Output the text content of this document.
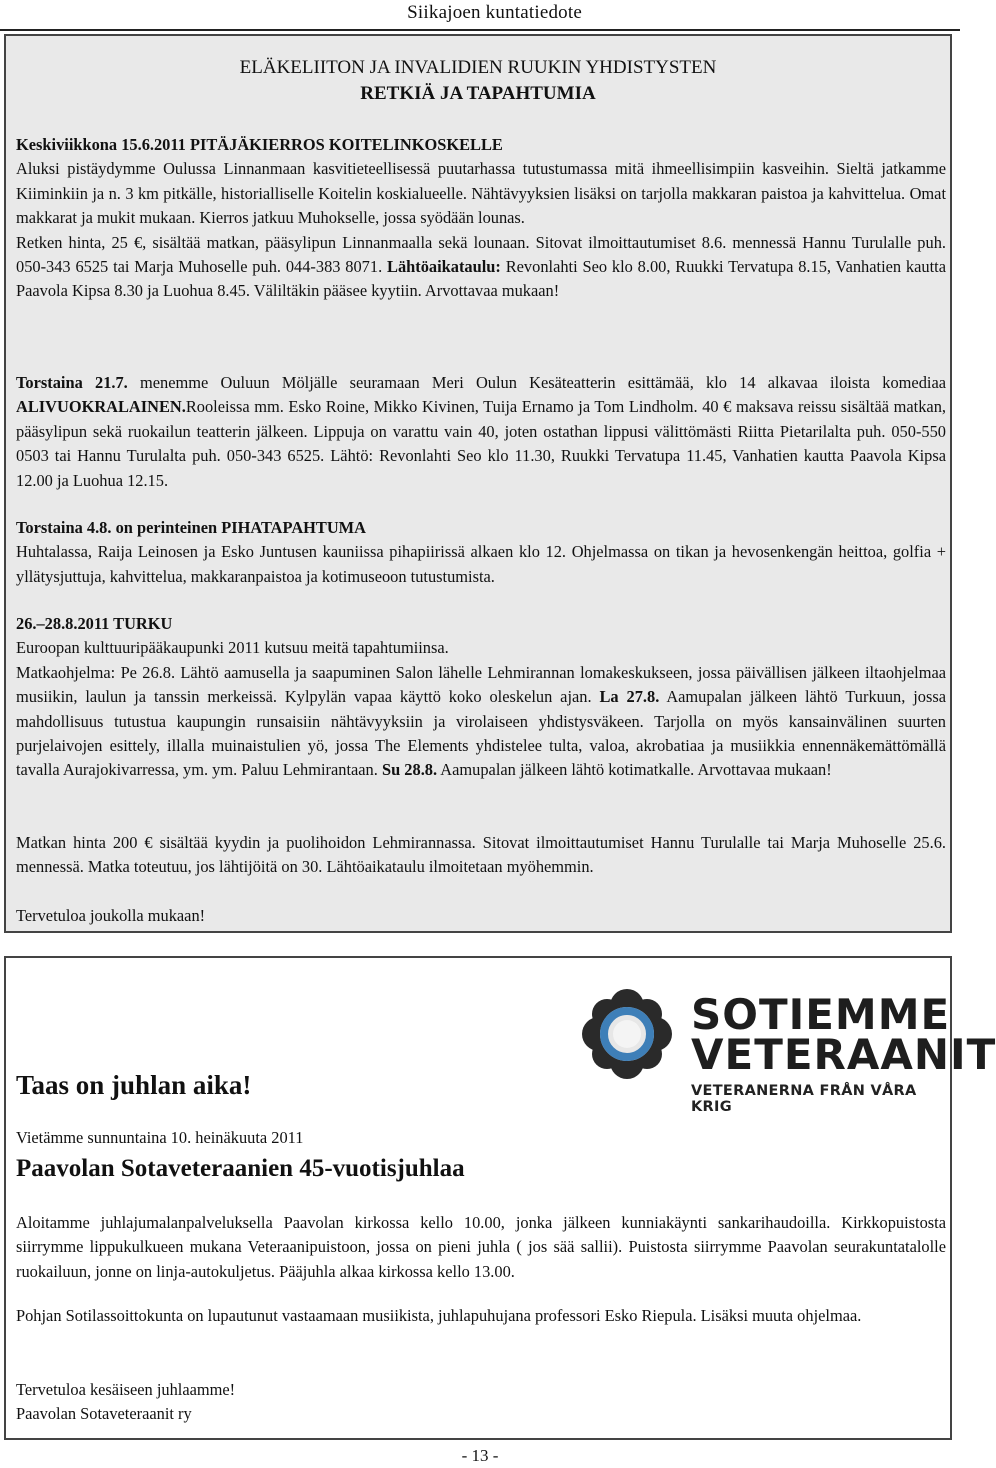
Siikajoen kuntatiedote
ELÄKELIITON JA INVALIDIEN RUUKIN YHDISTYSTEN
RETKIÄ JA TAPAHTUMIA
Keskiviikkona 15.6.2011 PITÄJÄKIERROS KOITELINKOSKELLE
Aluksi pistäydymme Oulussa Linnanmaan kasvitieteellisessä puutarhassa tutustumassa mitä ihmeellisimpiin kasveihin. Sieltä jatkamme Kiiminkiin ja n. 3 km pitkälle, historialliselle Koitelin koskialueelle. Nähtävyyksien lisäksi on tarjolla makkaran paistoa ja kahvittelua. Omat makkarat ja mukit mukaan. Kierros jatkuu Muhokselle, jossa syödään lounas.
Retken hinta, 25 €, sisältää matkan, pääsylipun Linnanmaalla sekä lounaan. Sitovat ilmoittautumiset 8.6. mennessä Hannu Turulalle puh. 050-343 6525 tai Marja Muhoselle puh. 044-383 8071. Lähtöaikataulu: Revonlahti Seo klo 8.00, Ruukki Tervatupa 8.15, Vanhatien kautta Paavola Kipsa 8.30 ja Luohua 8.45. Väliltäkin pääsee kyytiin. Arvottavaa mukaan!
Torstaina 21.7. menemme Ouluun Möljälle seuramaan Meri Oulun Kesäteatterin esittämää, klo 14 alkavaa iloista komediaa ALIVUOKRALAINEN.Rooleissa mm. Esko Roine, Mikko Kivinen, Tuija Ernamo ja Tom Lindholm. 40 € maksava reissu sisältää matkan, pääsylipun sekä ruokailun teatterin jälkeen. Lippuja on varattu vain 40, joten ostathan lippusi välittömästi Riitta Pietarilalta puh. 050-550 0503 tai Hannu Turulalta puh. 050-343 6525. Lähtö: Revonlahti Seo klo 11.30, Ruukki Tervatupa 11.45, Vanhatien kautta Paavola Kipsa 12.00 ja Luohua 12.15.
Torstaina 4.8. on perinteinen PIHATAPAHTUMA
Huhtalassa, Raija Leinosen ja Esko Juntusen kauniissa pihapiirissä alkaen klo 12. Ohjelmassa on tikan ja hevosenkengän heittoa, golfia + yllätysjuttuja, kahvittelua, makkaranpaistoa ja kotimuseoon tutustumista.
26.–28.8.2011 TURKU
Euroopan kulttuuripääkaupunki 2011 kutsuu meitä tapahtumiinsa.
Matkaohjelma: Pe 26.8. Lähtö aamusella ja saapuminen Salon lähelle Lehmirannan lomakeskukseen, jossa päivällisen jälkeen iltaohjelmaa musiikin, laulun ja tanssin merkeissä. Kylpylän vapaa käyttö koko oleskelun ajan. La 27.8. Aamupalan jälkeen lähtö Turkuun, jossa mahdollisuus tutustua kaupungin runsaisiin nähtävyyksiin ja virolaiseen yhdistysväkeen. Tarjolla on myös kansainvälinen suurten purjelaivojen esittely, illalla muinaistulien yö, jossa The Elements yhdistelee tulta, valoa, akrobatiaa ja musiikkia ennennäkemättömällä tavalla Aurajokivarressa, ym. ym. Paluu Lehmirantaan. Su 28.8. Aamupalan jälkeen lähtö kotimatkalle. Arvottavaa mukaan!
Matkan hinta 200 € sisältää kyydin ja puolihoidon Lehmirannassa. Sitovat ilmoittautumiset Hannu Turulalle tai Marja Muhoselle 25.6. mennessä. Matka toteutuu, jos lähtijöitä on 30. Lähtöaikataulu ilmoitetaan myöhemmin.
Tervetuloa joukolla mukaan!
SOTIEMME
VETERAANIT
VETERANERNA FRÅN VÅRA KRIG
Taas on juhlan aika!
Vietämme sunnuntaina 10. heinäkuuta 2011
Paavolan Sotaveteraanien 45-vuotisjuhlaa
Aloitamme juhlajumalanpalveluksella Paavolan kirkossa kello 10.00, jonka jälkeen kunniakäynti sankarihaudoilla. Kirkkopuistosta siirrymme lippukulkueen mukana Veteraanipuistoon, jossa on pieni juhla ( jos sää sallii). Puistosta siirrymme Paavolan seurakuntatalolle ruokailuun, jonne on linja-autokuljetus. Pääjuhla alkaa kirkossa kello 13.00.
Pohjan Sotilassoittokunta on lupautunut vastaamaan musiikista, juhlapuhujana professori Esko Riepula. Lisäksi muuta ohjelmaa.
Tervetuloa kesäiseen juhlaamme!
Paavolan Sotaveteraanit ry
- 13 -
